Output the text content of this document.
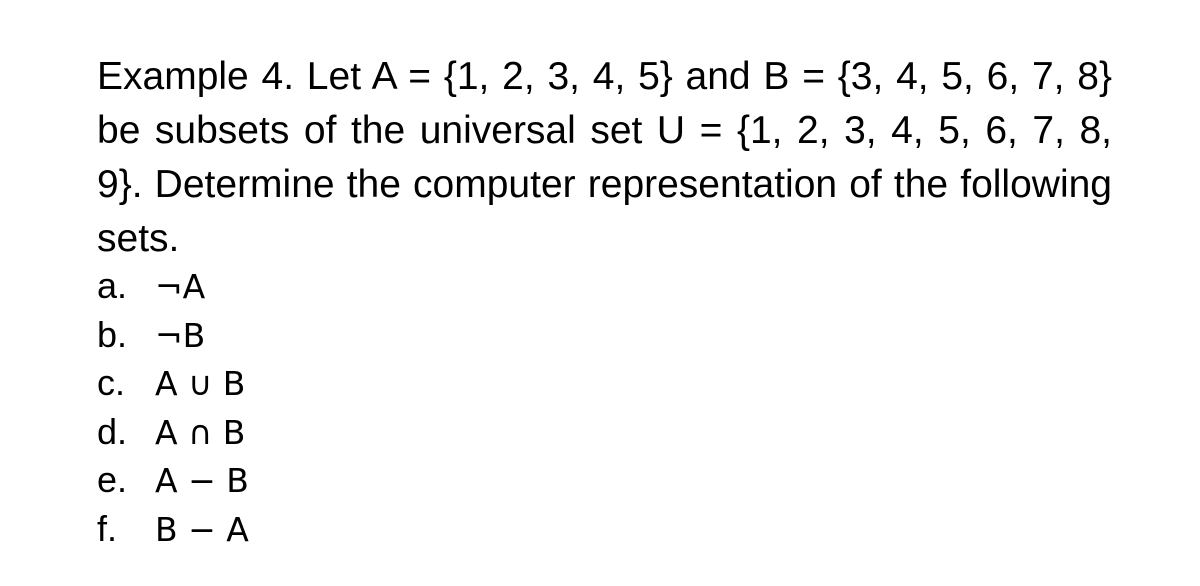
Example 4. Let A = {1, 2, 3, 4, 5} and B = {3, 4, 5, 6, 7, 8} be subsets of the universal set U = {1, 2, 3, 4, 5, 6, 7, 8, 9}. Determine the computer representation of the following sets.

a. ¬A
b. ¬B
c. A ∪ B
d. A ∩ B
e. A − B
f. B − A
